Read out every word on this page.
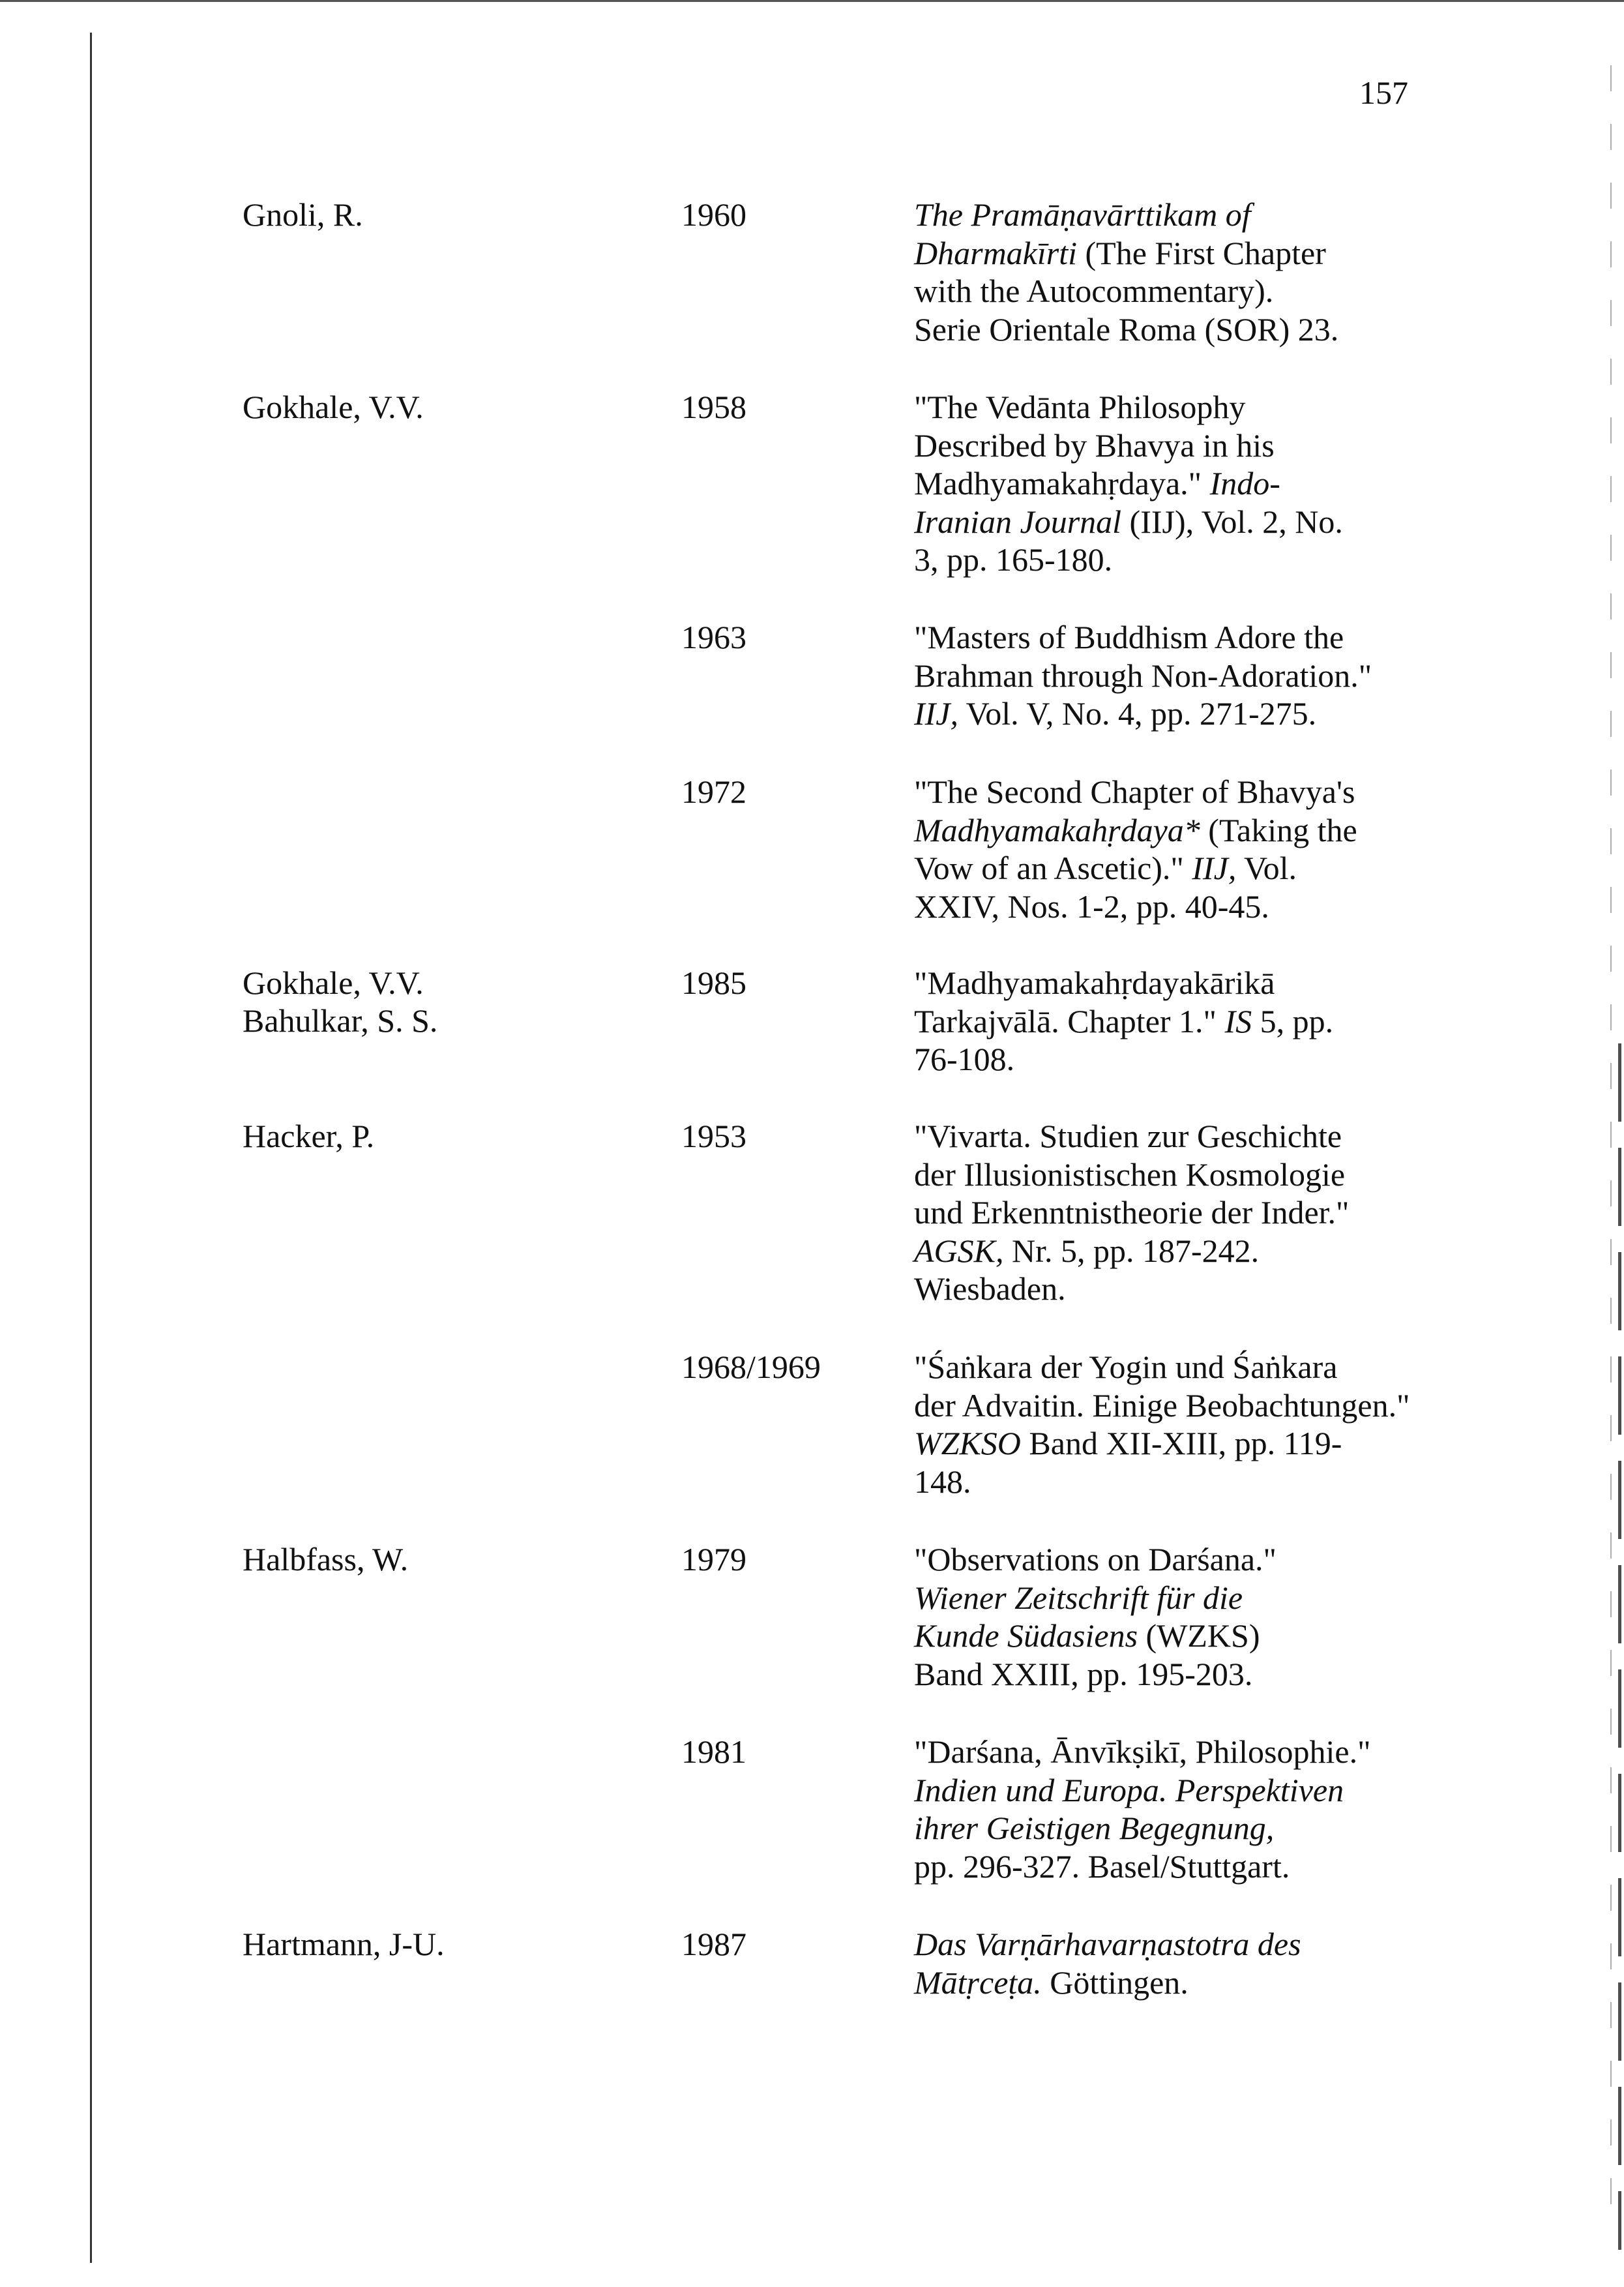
157
Gnoli, R.	1960	The Pramāṇavārttikam of
Dharmakīrti (The First Chapter
with the Autocommentary).
Serie Orientale Roma (SOR) 23.
Gokhale, V.V.	1958	"The Vedānta Philosophy
Described by Bhavya in his
Madhyamakahṛdaya." Indo-
Iranian Journal (IIJ), Vol. 2, No.
3, pp. 165-180.
1963	"Masters of Buddhism Adore the
Brahman through Non-Adoration."
IIJ, Vol. V, No. 4, pp. 271-275.
1972	"The Second Chapter of Bhavya's
Madhyamakahṛdaya* (Taking the
Vow of an Ascetic)." IIJ, Vol.
XXIV, Nos. 1-2, pp. 40-45.
Gokhale, V.V.
Bahulkar, S. S.
1985	"Madhyamakahṛdayakārikā
Tarkajvālā. Chapter 1." IS 5, pp.
76-108.
Hacker, P.	1953	"Vivarta. Studien zur Geschichte
der Illusionistischen Kosmologie
und Erkenntnistheorie der Inder."
AGSK, Nr. 5, pp. 187-242.
Wiesbaden.
1968/1969	"Śaṅkara der Yogin und Śaṅkara
der Advaitin. Einige Beobachtungen."
WZKSO Band XII-XIII, pp. 119-
148.
Halbfass, W.	1979	"Observations on Darśana."
Wiener Zeitschrift für die
Kunde Südasiens (WZKS)
Band XXIII, pp. 195-203.
1981	"Darśana, Ānvīkṣikī, Philosophie."
Indien und Europa. Perspektiven
ihrer Geistigen Begegnung,
pp. 296-327. Basel/Stuttgart.
Hartmann, J-U.	1987	Das Varṇārhavarṇastotra des
Mātṛceṭa. Göttingen.
